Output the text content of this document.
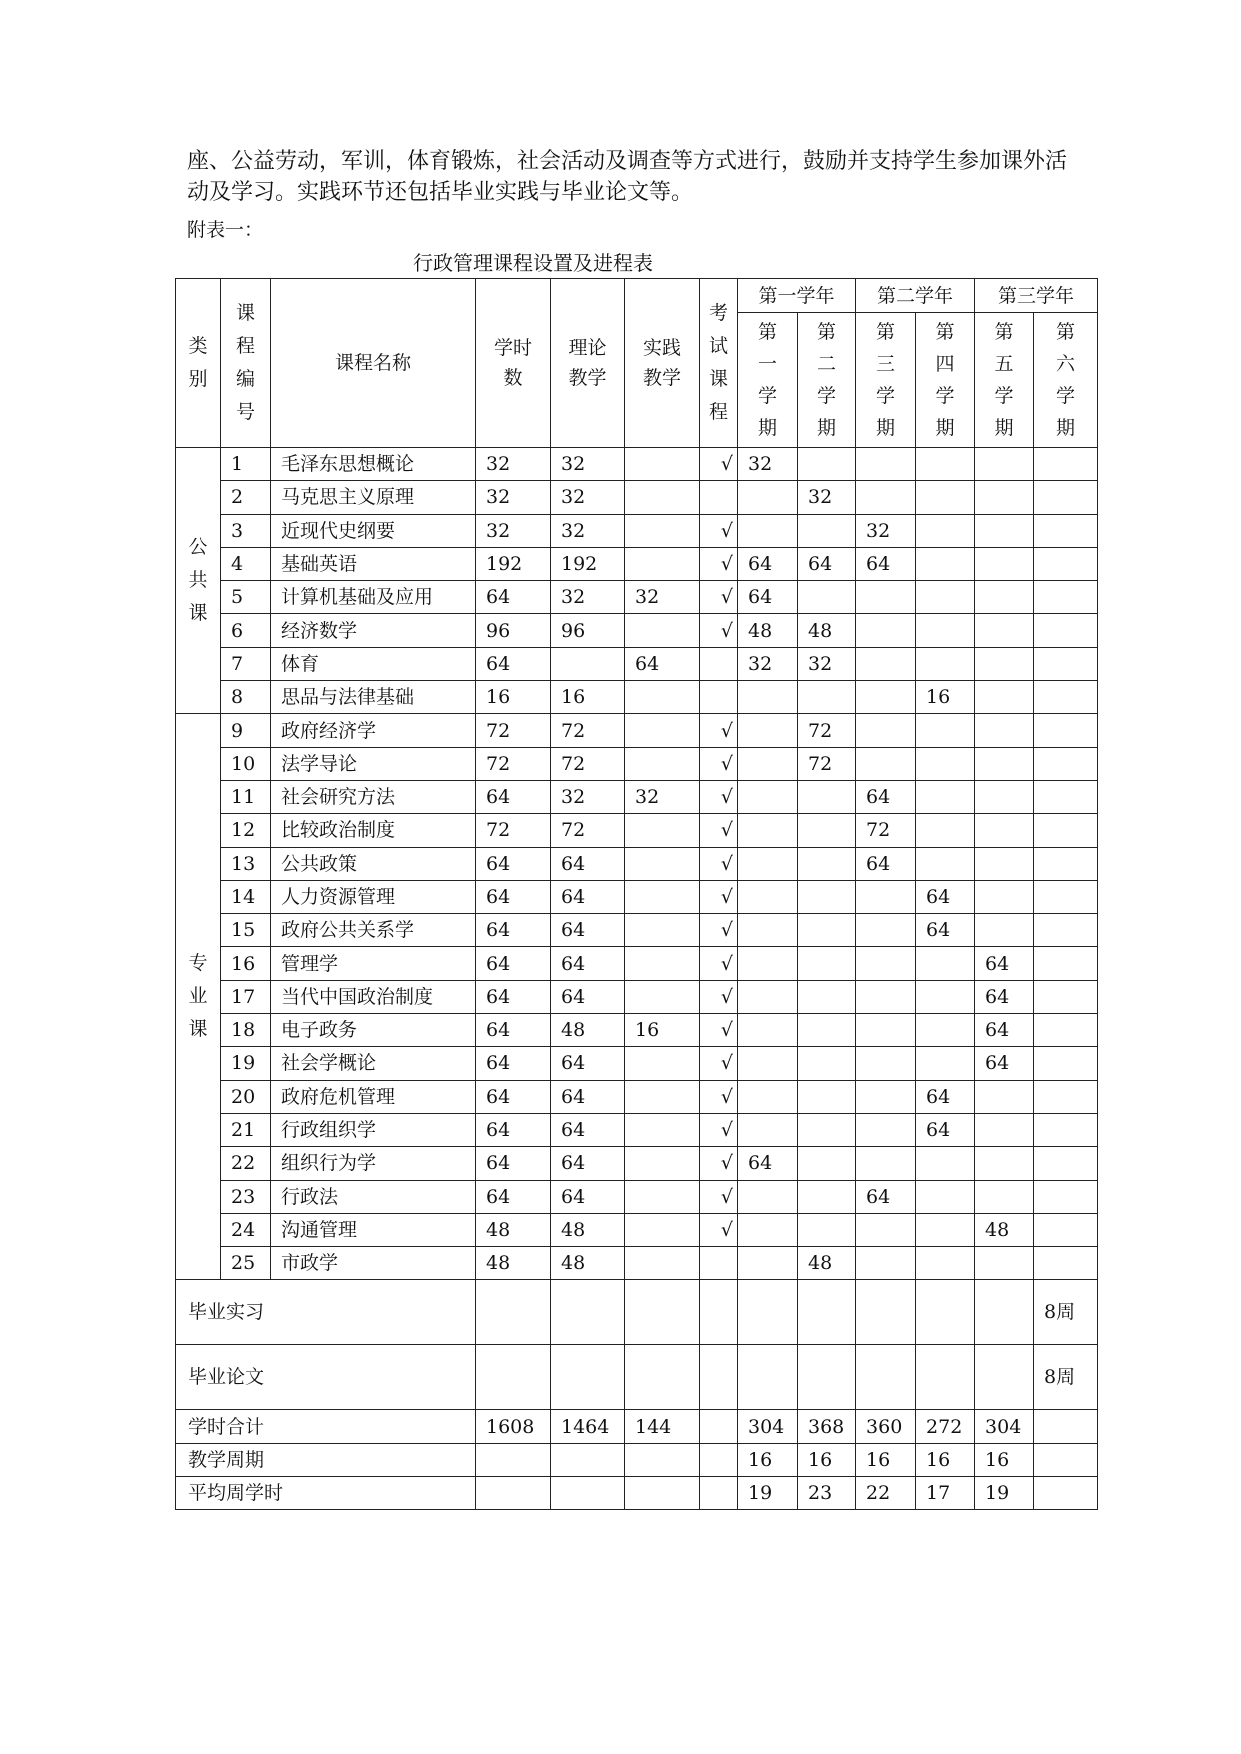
座、公益劳动，军训，体育锻炼，社会活动及调查等方式进行，鼓励并支持学生参加课外活动及学习。实践环节还包括毕业实践与毕业论文等。

附表一：
行政管理课程设置及进程表
类别	课程编号	课程名称	学时数	理论教学	实践教学	考试课程	第一学年		第二学年		第三学年	
							第一学期	第二学期	第三学期	第四学期	第五学期	第六学期
公共课	1	毛泽东思想概论	32	32		√	32					
	2	马克思主义原理	32	32				32				
	3	近现代史纲要	32	32		√			32			
	4	基础英语	192	192		√	64	64	64			
	5	计算机基础及应用	64	32	32	√	64					
	6	经济数学	96	96		√	48	48				
	7	体育	64		64		32	32				
	8	思品与法律基础	16	16						16		
专业课	9	政府经济学	72	72		√		72				
	10	法学导论	72	72		√		72				
	11	社会研究方法	64	32	32	√			64			
	12	比较政治制度	72	72		√			72			
	13	公共政策	64	64		√			64			
	14	人力资源管理	64	64		√				64		
	15	政府公共关系学	64	64		√				64		
	16	管理学	64	64		√					64	
	17	当代中国政治制度	64	64		√					64	
	18	电子政务	64	48	16	√					64	
	19	社会学概论	64	64		√					64	
	20	政府危机管理	64	64		√				64		
	21	行政组织学	64	64		√				64		
	22	组织行为学	64	64		√	64					
	23	行政法	64	64		√			64			
	24	沟通管理	48	48		√					48	
	25	市政学	48	48				48				
毕业实习												8周
毕业论文												8周
学时合计			1608	1464	144		304	368	360	272	304	
教学周期							16	16	16	16	16	
平均周学时							19	23	22	17	19	
